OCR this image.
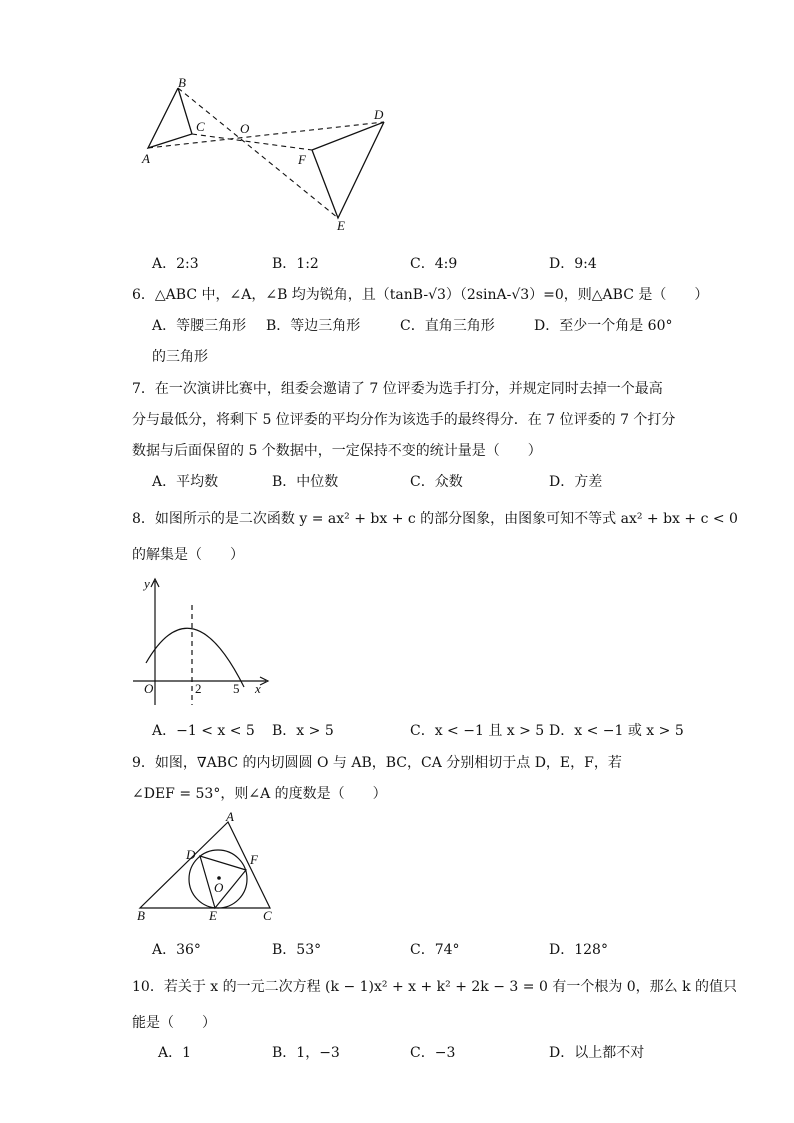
B
C	O
D
A	F
E
A．2:3	B．1:2	C．4:9	D．9:4
6．△ABC 中，∠A，∠B 均为锐角，且（tanB-√3）（2sinA-√3）=0，则△ABC 是（　　）
A．等腰三角形 B．等边三角形	C．直角三角形	D．至少一个角是 60°
的三角形
7．在一次演讲比赛中，组委会邀请了 7 位评委为选手打分，并规定同时去掉一个最高
分与最低分，将剩下 5 位评委的平均分作为该选手的最终得分．在 7 位评委的 7 个打分
数据与后面保留的 5 个数据中，一定保持不变的统计量是（　　）
A．平均数	B．中位数	C．众数	D．方差
8．如图所示的是二次函数 y = ax² + bx + c 的部分图象，由图象可知不等式 ax² + bx + c < 0
的解集是（　　）
y
x
O	2 5
A．−1 < x < 5 B．x > 5	C．x < −1 且 x > 5 D．x < −1 或 x > 5
9．如图，∇ABC 的内切圆圆 O 与 AB，BC，CA 分别相切于点 D，E，F，若
∠DEF = 53°，则∠A 的度数是（　　）
A
D	F
O
B	E	C
A．36°	B．53°	C．74°	D．128°
10．若关于 x 的一元二次方程 (k − 1)x² + x + k² + 2k − 3 = 0 有一个根为 0，那么 k 的值只
能是（　　）
A．1	B．1，−3	C．−3	D．以上都不对
